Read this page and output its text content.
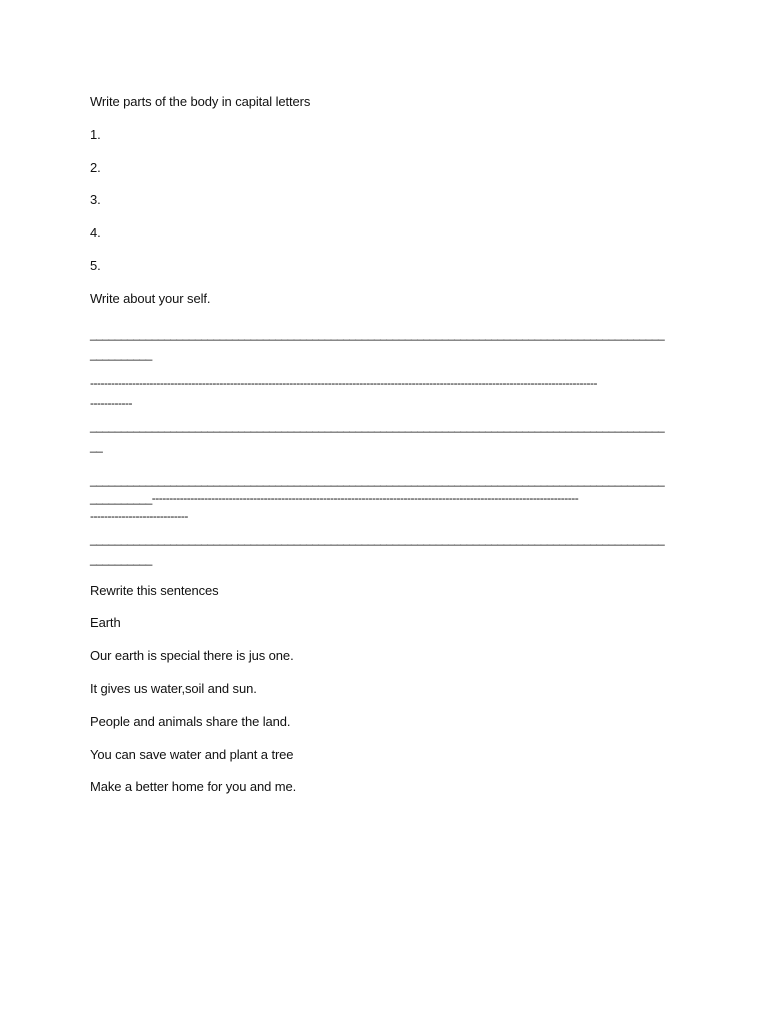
Write parts of the body in capital letters
1.
2.
3.
4.
5.
Write about your self.
_____________________________________________________________________________________________
__________
-------------------------------------------------------------------------------------------------------------------------------------------------
------------
_____________________________________________________________________________________________
__
_____________________________________________________________________________________________
__________--------------------------------------------------------------------------------------------------------------------------
----------------------------
_____________________________________________________________________________________________
__________
Rewrite this sentences
Earth
Our earth is special there is jus one.
It gives us water,soil and sun.
People and animals share the land.
You can save water and plant a tree
Make a better home for you and me.
